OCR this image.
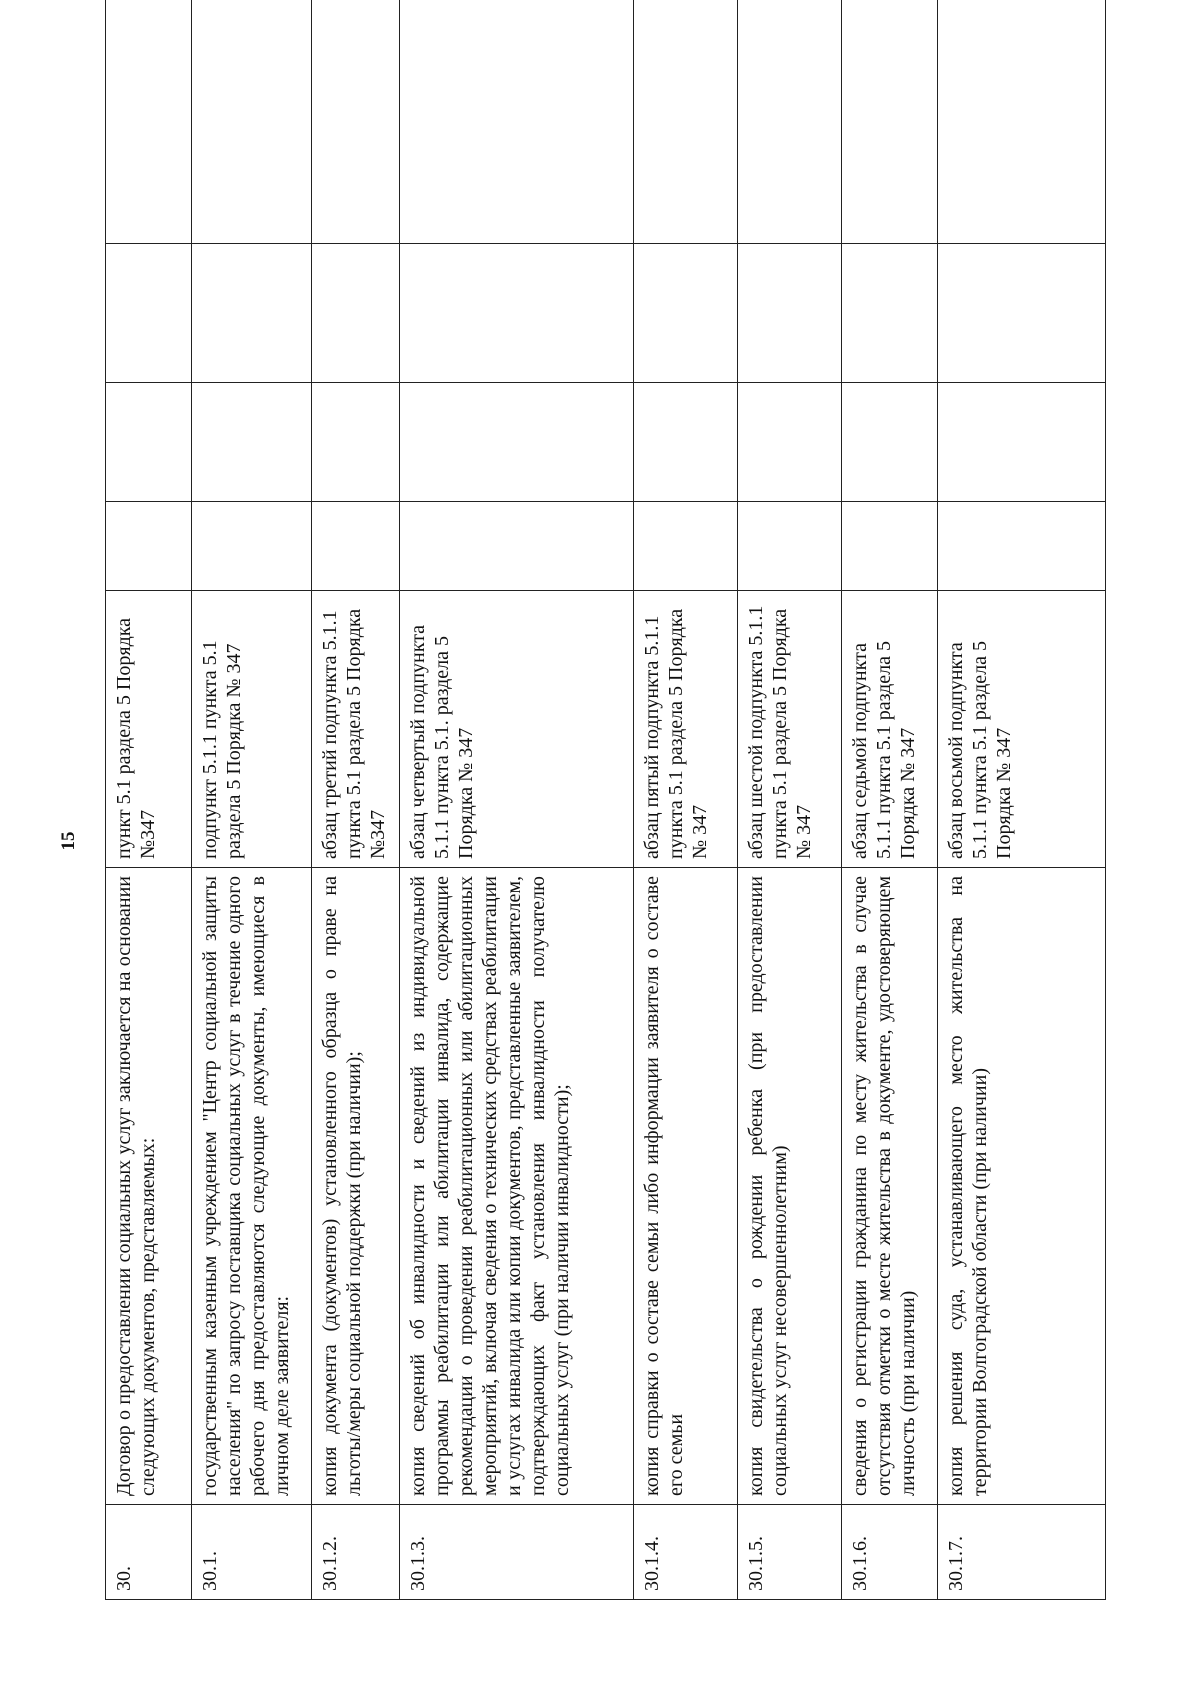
15
30.	Договор о предоставлении социальных услуг заключается на основании следующих документов, представляемых:	пункт 5.1 раздела 5 Порядка №347				
30.1.	государственным казенным учреждением "Центр социальной защиты населения" по запросу поставщика социальных услуг в течение одного рабочего дня предоставляются следующие документы, имеющиеся в личном деле заявителя:	подпункт 5.1.1 пункта 5.1 раздела 5 Порядка № 347				
30.1.2.	копия документа (документов) установленного образца о праве на льготы/меры социальной поддержки (при наличии);	абзац третий подпункта 5.1.1 пункта 5.1 раздела 5 Порядка №347				
30.1.3.	копия сведений об инвалидности и сведений из индивидуальной программы реабилитации или абилитации инвалида, содержащие рекомендации о проведении реабилитационных или абилитационных мероприятий, включая сведения о технических средствах реабилитации и услугах инвалида или копии документов, представленные заявителем, подтверждающих факт установления инвалидности получателю социальных услуг (при наличии инвалидности);	абзац четвертый подпункта 5.1.1 пункта 5.1. раздела 5 Порядка № 347				
30.1.4.	копия справки о составе семьи либо информации заявителя о составе его семьи	абзац пятый подпункта 5.1.1 пункта 5.1 раздела 5 Порядка № 347				
30.1.5.	копия свидетельства о рождении ребенка (при предоставлении социальных услуг несовершеннолетним)	абзац шестой подпункта 5.1.1 пункта 5.1 раздела 5 Порядка № 347				
30.1.6.	сведения о регистрации гражданина по месту жительства в случае отсутствия отметки о месте жительства в документе, удостоверяющем личность (при наличии)	абзац седьмой подпункта 5.1.1 пункта 5.1 раздела 5 Порядка № 347				
30.1.7.	копия решения суда, устанавливающего место жительства на территории Волгоградской области (при наличии)	абзац восьмой подпункта 5.1.1 пункта 5.1 раздела 5 Порядка № 347				
